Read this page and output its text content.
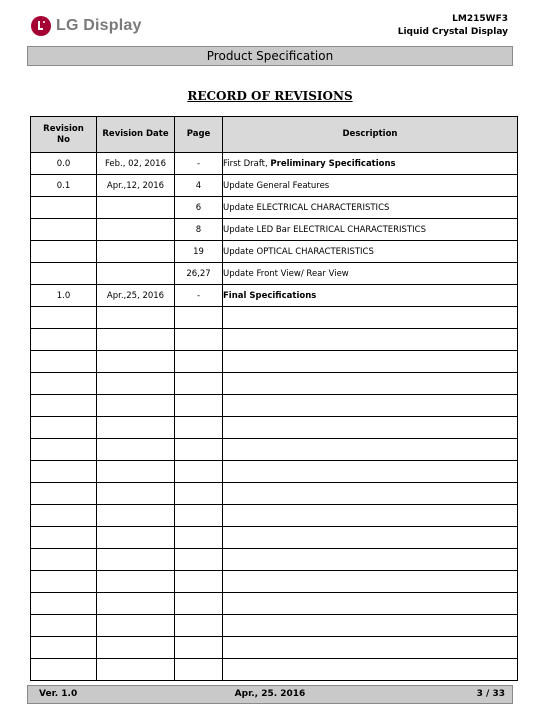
LG Display	LM215WF3
Liquid Crystal Display
Product Specification
RECORD OF REVISIONS
Revision No	Revision Date	Page	Description
0.0	Feb., 02, 2016	-	First Draft, Preliminary Specifications
0.1	Apr.,12, 2016	4	Update General Features
		6	Update ELECTRICAL CHARACTERISTICS
		8	Update LED Bar ELECTRICAL CHARACTERISTICS
		19	Update OPTICAL CHARACTERISTICS
		26,27	Update Front View/ Rear View
1.0	Apr.,25, 2016	-	Final Specifications

Ver. 1.0	Apr., 25. 2016	3 / 33
